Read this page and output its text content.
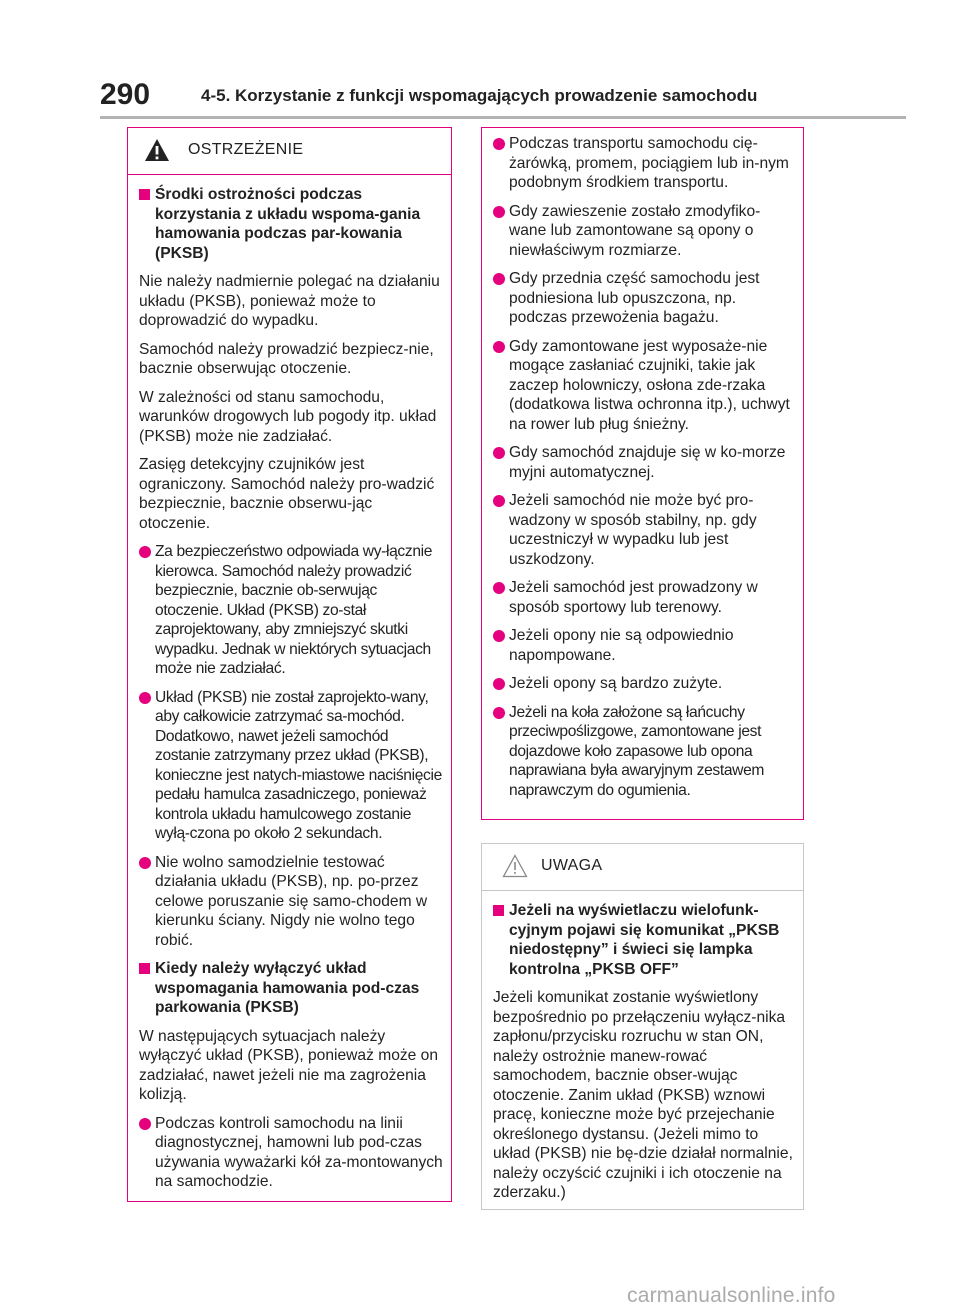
290	4-5. Korzystanie z funkcji wspomagających prowadzenie samochodu
OSTRZEŻENIE
Środki ostrożności podczas korzystania z układu wspoma-gania hamowania podczas par-kowania (PKSB)
Nie należy nadmiernie polegać na działaniu układu (PKSB), ponieważ może to doprowadzić do wypadku.
Samochód należy prowadzić bezpiecz-nie, bacznie obserwując otoczenie.
W zależności od stanu samochodu, warunków drogowych lub pogody itp. układ (PKSB) może nie zadziałać.
Zasięg detekcyjny czujników jest ograniczony. Samochód należy pro-wadzić bezpiecznie, bacznie obserwu-jąc otoczenie.
Za bezpieczeństwo odpowiada wy-łącznie kierowca. Samochód należy prowadzić bezpiecznie, bacznie ob-serwując otoczenie. Układ (PKSB) zo-stał zaprojektowany, aby zmniejszyć skutki wypadku. Jednak w niektórych sytuacjach może nie zadziałać.
Układ (PKSB) nie został zaprojekto-wany, aby całkowicie zatrzymać sa-mochód. Dodatkowo, nawet jeżeli samochód zostanie zatrzymany przez układ (PKSB), konieczne jest natych-miastowe naciśnięcie pedału hamulca zasadniczego, ponieważ kontrola układu hamulcowego zostanie wyłą-czona po około 2 sekundach.
Nie wolno samodzielnie testować działania układu (PKSB), np. po-przez celowe poruszanie się samo-chodem w kierunku ściany. Nigdy nie wolno tego robić.
Kiedy należy wyłączyć układ wspomagania hamowania pod-czas parkowania (PKSB)
W następujących sytuacjach należy wyłączyć układ (PKSB), ponieważ może on zadziałać, nawet jeżeli nie ma zagrożenia kolizją.
Podczas kontroli samochodu na linii diagnostycznej, hamowni lub pod-czas używania wyważarki kół za-montowanych na samochodzie.
Podczas transportu samochodu cię-żarówką, promem, pociągiem lub in-nym podobnym środkiem transportu.
Gdy zawieszenie zostało zmodyfiko-wane lub zamontowane są opony o niewłaściwym rozmiarze.
Gdy przednia część samochodu jest podniesiona lub opuszczona, np. podczas przewożenia bagażu.
Gdy zamontowane jest wyposaże-nie mogące zasłaniać czujniki, takie jak zaczep holowniczy, osłona zde-rzaka (dodatkowa listwa ochronna itp.), uchwyt na rower lub pług śnieżny.
Gdy samochód znajduje się w ko-morze myjni automatycznej.
Jeżeli samochód nie może być pro-wadzony w sposób stabilny, np. gdy uczestniczył w wypadku lub jest uszkodzony.
Jeżeli samochód jest prowadzony w sposób sportowy lub terenowy.
Jeżeli opony nie są odpowiednio napompowane.
Jeżeli opony są bardzo zużyte.
Jeżeli na koła założone są łańcuchy przeciwpoślizgowe, zamontowane jest dojazdowe koło zapasowe lub opona naprawiana była awaryjnym zestawem naprawczym do ogumienia.
UWAGA
Jeżeli na wyświetlaczu wielofunk-cyjnym pojawi się komunikat „PKSB niedostępny” i świeci się lampka kontrolna „PKSB OFF”
Jeżeli komunikat zostanie wyświetlony bezpośrednio po przełączeniu wyłącz-nika zapłonu/przycisku rozruchu w stan ON, należy ostrożnie manew-rować samochodem, bacznie obser-wując otoczenie. Zanim układ (PKSB) wznowi pracę, konieczne może być przejechanie określonego dystansu. (Jeżeli mimo to układ (PKSB) nie bę-dzie działał normalnie, należy oczyścić czujniki i ich otoczenie na zderzaku.)
carmanualsonline.info
